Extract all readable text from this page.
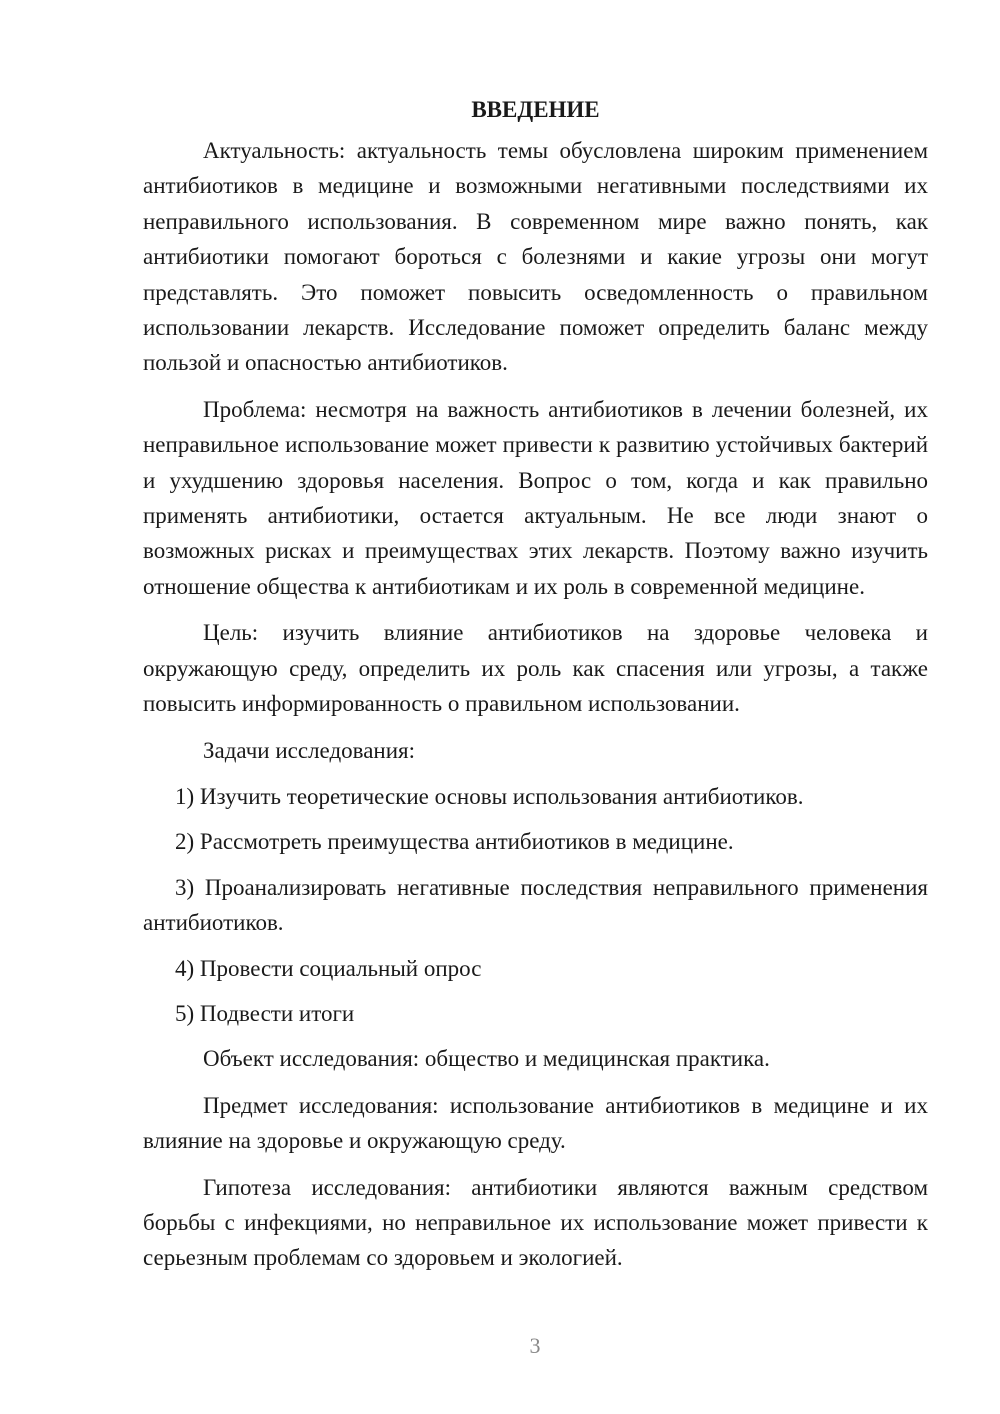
ВВЕДЕНИЕ

Актуальность: актуальность темы обусловлена широким применением антибиотиков в медицине и возможными негативными последствиями их неправильного использования. В современном мире важно понять, как антибиотики помогают бороться с болезнями и какие угрозы они могут представлять. Это поможет повысить осведомленность о правильном использовании лекарств. Исследование поможет определить баланс между пользой и опасностью антибиотиков.

Проблема: несмотря на важность антибиотиков в лечении болезней, их неправильное использование может привести к развитию устойчивых бактерий и ухудшению здоровья населения. Вопрос о том, когда и как правильно применять антибиотики, остается актуальным. Не все люди знают о возможных рисках и преимуществах этих лекарств. Поэтому важно изучить отношение общества к антибиотикам и их роль в современной медицине.

Цель: изучить влияние антибиотиков на здоровье человека и окружающую среду, определить их роль как спасения или угрозы, а также повысить информированность о правильном использовании.

Задачи исследования:

1) Изучить теоретические основы использования антибиотиков.

2) Рассмотреть преимущества антибиотиков в медицине.

3) Проанализировать негативные последствия неправильного применения антибиотиков.

4) Провести социальный опрос

5) Подвести итоги

Объект исследования: общество и медицинская практика.

Предмет исследования: использование антибиотиков в медицине и их влияние на здоровье и окружающую среду.

Гипотеза исследования: антибиотики являются важным средством борьбы с инфекциями, но неправильное их использование может привести к серьезным проблемам со здоровьем и экологией.

3
